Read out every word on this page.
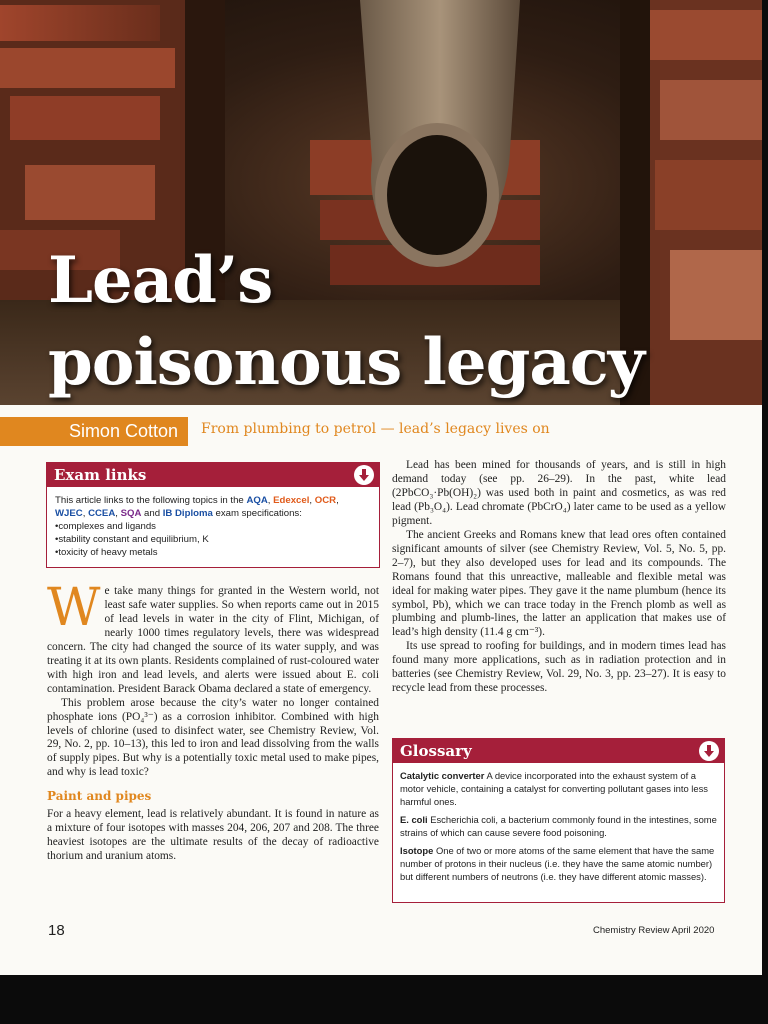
Lead’s
poisonous legacy
Simon Cotton	From plumbing to petrol — lead’s legacy lives on
Exam links
This article links to the following topics in the AQA, Edexcel, OCR,
WJEC, CCEA, SQA and IB Diploma exam specifications:
• complexes and ligands
• stability constant and equilibrium, K
• toxicity of heavy metals

We take many things for granted in the Western world, not least safe water supplies. So when reports came out in 2015 of lead levels in water in the city of Flint, Michigan, of nearly 1000 times regulatory levels, there was widespread concern. The city had changed the source of its water supply, and was treating it at its own plants. Residents complained of rust-coloured water with high iron and lead levels, and alerts were issued about E. coli contamination. President Barack Obama declared a state of emergency.

This problem arose because the city’s water no longer contained phosphate ions (PO₄³⁻) as a corrosion inhibitor. Combined with high levels of chlorine (used to disinfect water, see Chemistry Review, Vol. 29, No. 2, pp. 10–13), this led to iron and lead dissolving from the walls of supply pipes. But why is a potentially toxic metal used to make pipes, and why is lead toxic?

Paint and pipes

For a heavy element, lead is relatively abundant. It is found in nature as a mixture of four isotopes with masses 204, 206, 207 and 208. The three heaviest isotopes are the ultimate results of the decay of radioactive thorium and uranium atoms.

Lead has been mined for thousands of years, and is still in high demand today (see pp. 26–29). In the past, white lead (2PbCO₃·Pb(OH)₂) was used both in paint and cosmetics, as was red lead (Pb₃O₄). Lead chromate (PbCrO₄) later came to be used as a yellow pigment.

The ancient Greeks and Romans knew that lead ores often contained significant amounts of silver (see Chemistry Review, Vol. 5, No. 5, pp. 2–7), but they also developed uses for lead and its compounds. The Romans found that this unreactive, malleable and flexible metal was ideal for making water pipes. They gave it the name plumbum (hence its symbol, Pb), which we can trace today in the French plomb as well as plumbing and plumb-lines, the latter an application that makes use of lead’s high density (11.4 g cm⁻³).

Its use spread to roofing for buildings, and in modern times lead has found many more applications, such as in radiation protection and in batteries (see Chemistry Review, Vol. 29, No. 3, pp. 23–27). It is easy to recycle lead from these processes.

Glossary

Catalytic converter A device incorporated into the exhaust system of a motor vehicle, containing a catalyst for converting pollutant gases into less harmful ones.

E. coli Escherichia coli, a bacterium commonly found in the intestines, some strains of which can cause severe food poisoning.

Isotope One of two or more atoms of the same element that have the same number of protons in their nucleus (i.e. they have the same atomic number) but different numbers of neutrons (i.e. they have different atomic masses).

18	Chemistry Review April 2020
